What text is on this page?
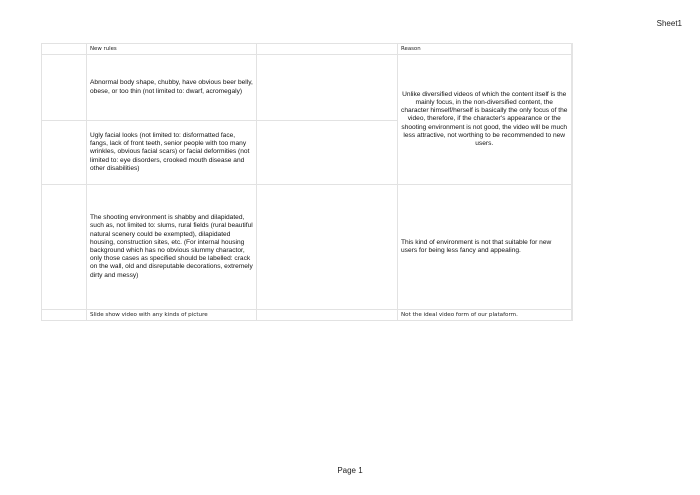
Sheet1
	New rules		Reason
	Abnormal body shape, chubby, have obvious beer belly, obese, or too thin (not limited to: dwarf, acromegaly)		Unlike diversified videos of which the content itself is the mainly focus, in the non-diversified content, the character himself/herself is basically the only focus of the video, therefore, if the character's appearance or the shooting environment is not good, the video will be much less attractive, not worthing to be recommended to new users.
	Ugly facial looks (not limited to: disformatted face, fangs, lack of front teeth, senior people with too many wrinkles, obvious facial scars) or facial deformities (not limited to: eye disorders, crooked mouth disease and other disabilities)		
	The shooting environment is shabby and dilapidated, such as, not limited to: slums, rural fields (rural beautiful natural scenery could be exempted), dilapidated housing, construction sites, etc. (For internal housing background which has no obvious slummy charactor, only those cases as specified should be labelled: crack on the wall, old and disreputable decorations, extremely dirty and messy)		This kind of environment is not that suitable for new users for being less fancy and appealing.
	Slide show video with any kinds of picture		Not the ideal video form of our plataform.
Page 1
